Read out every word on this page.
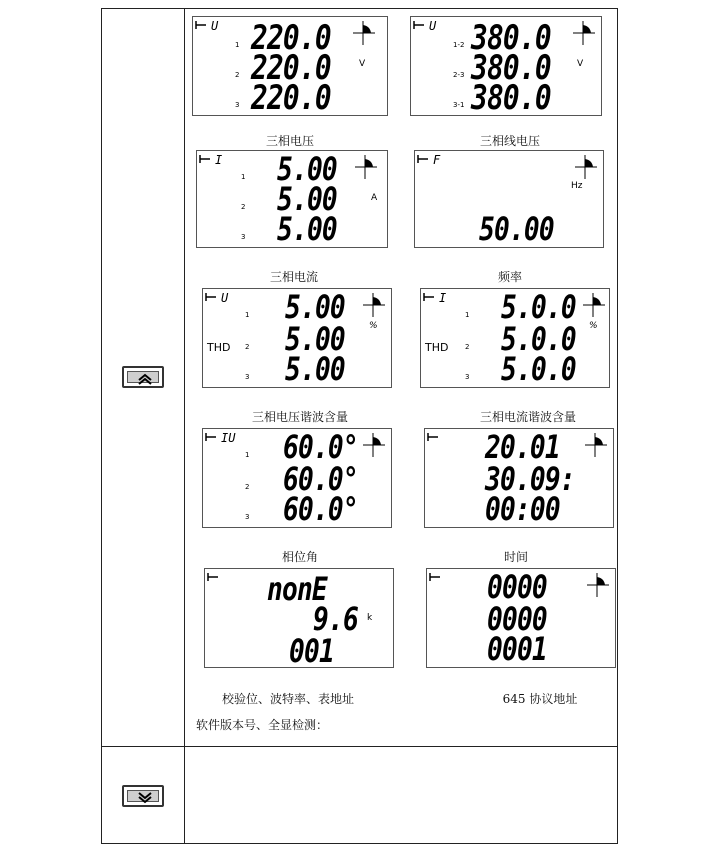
U
1 220.0
2 220.0
3 220.0
V
三相电压
U
1-2 380.0
2-3 380.0
3-1 380.0
V
三相线电压
I
1 5.00
2 5.00
3 5.00
A
三相电流
F
Hz
50.00
频率
U
THD
1 5.00
2 5.00
3 5.00
%
三相电压谐波含量
I
THD
1 5.0.0
2 5.0.0
3 5.0.0
%
三相电流谐波含量
IU
1 60.0°
2 60.0°
3 60.0°
相位角
20.01
30.09:
00:00
时间
nonE
9.6 k
001
校验位、波特率、表地址
0000
0000
0001
645 协议地址
软件版本号、全显检测：
